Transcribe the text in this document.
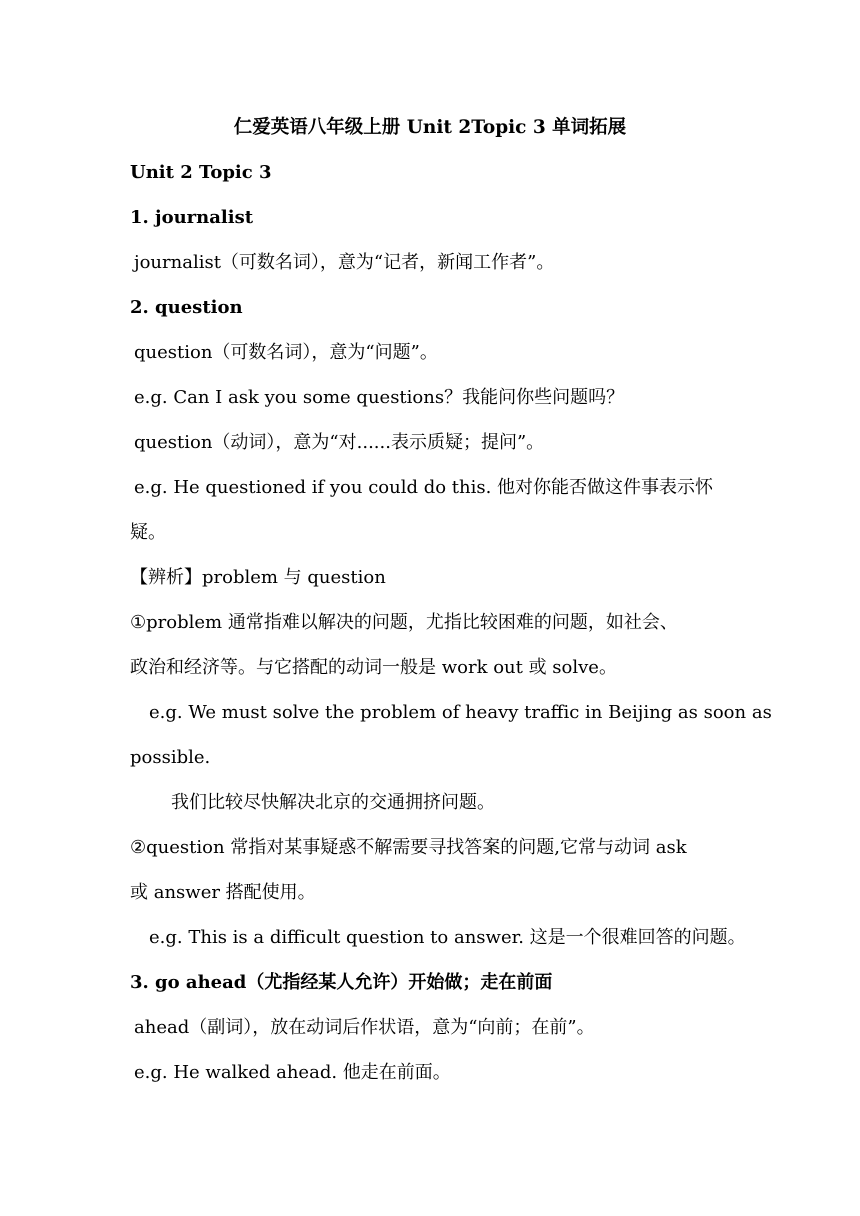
仁爱英语八年级上册 Unit 2Topic 3 单词拓展
Unit 2 Topic 3
1. journalist
journalist（可数名词），意为“记者，新闻工作者”。
2. question
question（可数名词），意为“问题”。
e.g. Can I ask you some questions？我能问你些问题吗？
question（动词），意为“对......表示质疑；提问”。
e.g. He questioned if you could do this. 他对你能否做这件事表示怀
疑。
【辨析】problem 与 question
①problem 通常指难以解决的问题，尤指比较困难的问题，如社会、
政治和经济等。与它搭配的动词一般是 work out 或 solve。
e.g. We must solve the problem of heavy traffic in Beijing as soon as
possible.
我们比较尽快解决北京的交通拥挤问题。
②question 常指对某事疑惑不解需要寻找答案的问题,它常与动词 ask
或 answer 搭配使用。
e.g. This is a difficult question to answer. 这是一个很难回答的问题。
3. go ahead（尤指经某人允许）开始做；走在前面
ahead（副词），放在动词后作状语，意为“向前；在前”。
e.g. He walked ahead. 他走在前面。
